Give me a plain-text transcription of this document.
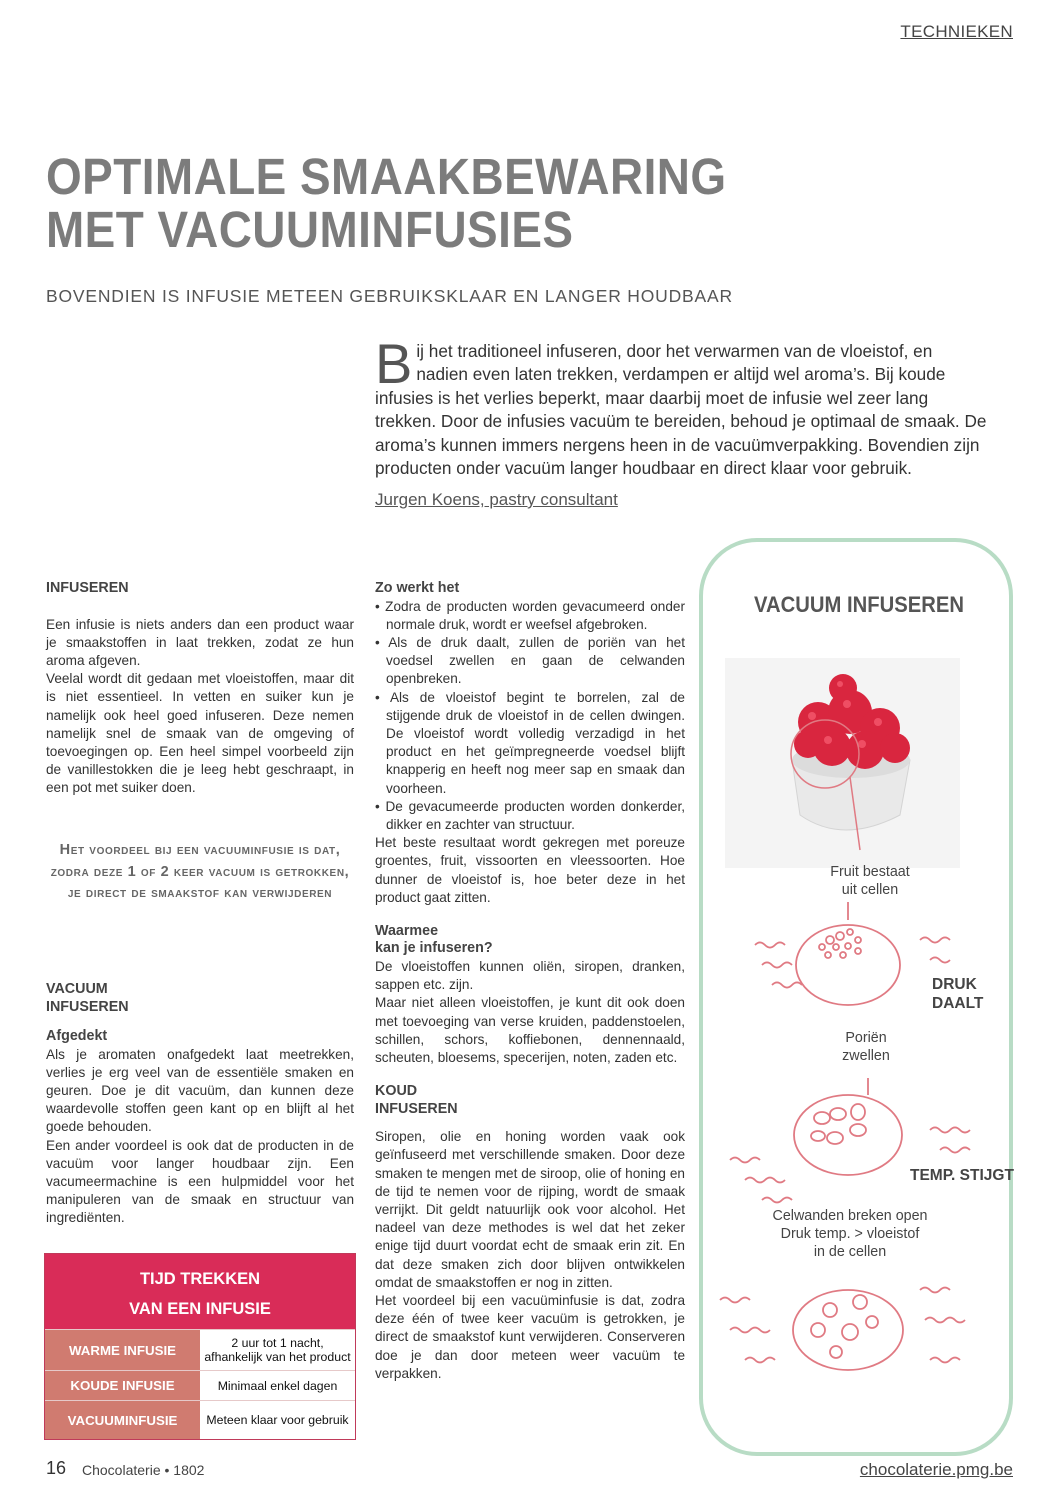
TECHNIEKEN
OPTIMALE SMAAKBEWARING
MET VACUUMINFUSIES
BOVENDIEN IS INFUSIE METEEN GEBRUIKSKLAAR EN LANGER HOUDBAAR
Bij het traditioneel infuseren, door het verwarmen van de vloeistof, en nadien even laten trekken, verdampen er altijd wel aroma’s. Bij koude infusies is het verlies beperkt, maar daarbij moet de infusie wel zeer lang trekken. Door de infusies vacuüm te bereiden, behoud je optimaal de smaak. De aroma’s kunnen immers nergens heen in de vacuümverpakking. Bovendien zijn producten onder vacuüm langer houdbaar en direct klaar voor gebruik.
Jurgen Koens, pastry consultant
INFUSEREN

Een infusie is niets anders dan een product waar je smaakstoffen in laat trekken, zodat ze hun aroma afgeven.
Veelal wordt dit gedaan met vloeistoffen, maar dit is niet essentieel. In vetten en suiker kun je namelijk ook heel goed infuseren. Deze nemen namelijk snel de smaak van de omgeving of toevoegingen op. Een heel simpel voorbeeld zijn de vanillestokken die je leeg hebt geschraapt, in een pot met suiker doen.

Het voordeel bij een vacuuminfusie is dat, zodra deze 1 of 2 keer vacuum is getrokken, je direct de smaakstof kan verwijderen
VACUUM
INFUSEREN
Afgedekt

Als je aromaten onafgedekt laat meetrekken, verlies je erg veel van de essentiële smaken en geuren. Doe je dit vacuüm, dan kunnen deze waardevolle stoffen geen kant op en blijft al het goede behouden.
Een ander voordeel is ook dat de producten in de vacuüm voor langer houdbaar zijn. Een vacumeermachine is een hulpmiddel voor het manipuleren van de smaak en structuur van ingrediënten.

TIJD TREKKEN
VAN EEN INFUSIE
WARME INFUSIE	2 uur tot 1 nacht, afhankelijk van het product
KOUDE INFUSIE	Minimaal enkel dagen
VACUUMINFUSIE	Meteen klaar voor gebruik
Zo werkt het

• Zodra de producten worden gevacumeerd onder normale druk, wordt er weefsel afgebroken.

• Als de druk daalt, zullen de poriën van het voedsel zwellen en gaan de celwanden openbreken.

• Als de vloeistof begint te borrelen, zal de stijgende druk de vloeistof in de cellen dwingen. De vloeistof wordt volledig verzadigd in het product en het geïmpregneerde voedsel blijft knapperig en heeft nog meer sap en smaak dan voorheen.

• De gevacumeerde producten worden donkerder, dikker en zachter van structuur.

Het beste resultaat wordt gekregen met poreuze groentes, fruit, vissoorten en vleessoorten. Hoe dunner de vloeistof is, hoe beter deze in het product gaat zitten.

Waarmee
kan je infuseren?

De vloeistoffen kunnen oliën, siropen, dranken, sappen etc. zijn.
Maar niet alleen vloeistoffen, je kunt dit ook doen met toevoeging van verse kruiden, paddenstoelen, schillen, schors, koffiebonen, dennennaald, scheuten, bloesems, specerijen, noten, zaden etc.

KOUD
INFUSEREN

Siropen, olie en honing worden vaak ook geïnfuseerd met verschillende smaken. Door deze smaken te mengen met de siroop, olie of honing en de tijd te nemen voor de rijping, wordt de smaak verrijkt. Dit geldt natuurlijk ook voor alcohol. Het nadeel van deze methodes is wel dat het zeker enige tijd duurt voordat echt de smaak erin zit. En dat deze smaken zich door blijven ontwikkelen omdat de smaakstoffen er nog in zitten.
Het voordeel bij een vacuüminfusie is dat, zodra deze één of twee keer vacuüm is getrokken, je direct de smaakstof kunt verwijderen. Conserveren doe je dan door meteen weer vacuüm te verpakken.

VACUUM INFUSEREN
Fruit bestaat
uit cellen
DRUK
DAALT
Poriën
zwellen
TEMP. STIJGT
Celwanden breken open
Druk temp. > vloeistof
in de cellen
16 Chocolaterie • 1802	chocolaterie.pmg.be
